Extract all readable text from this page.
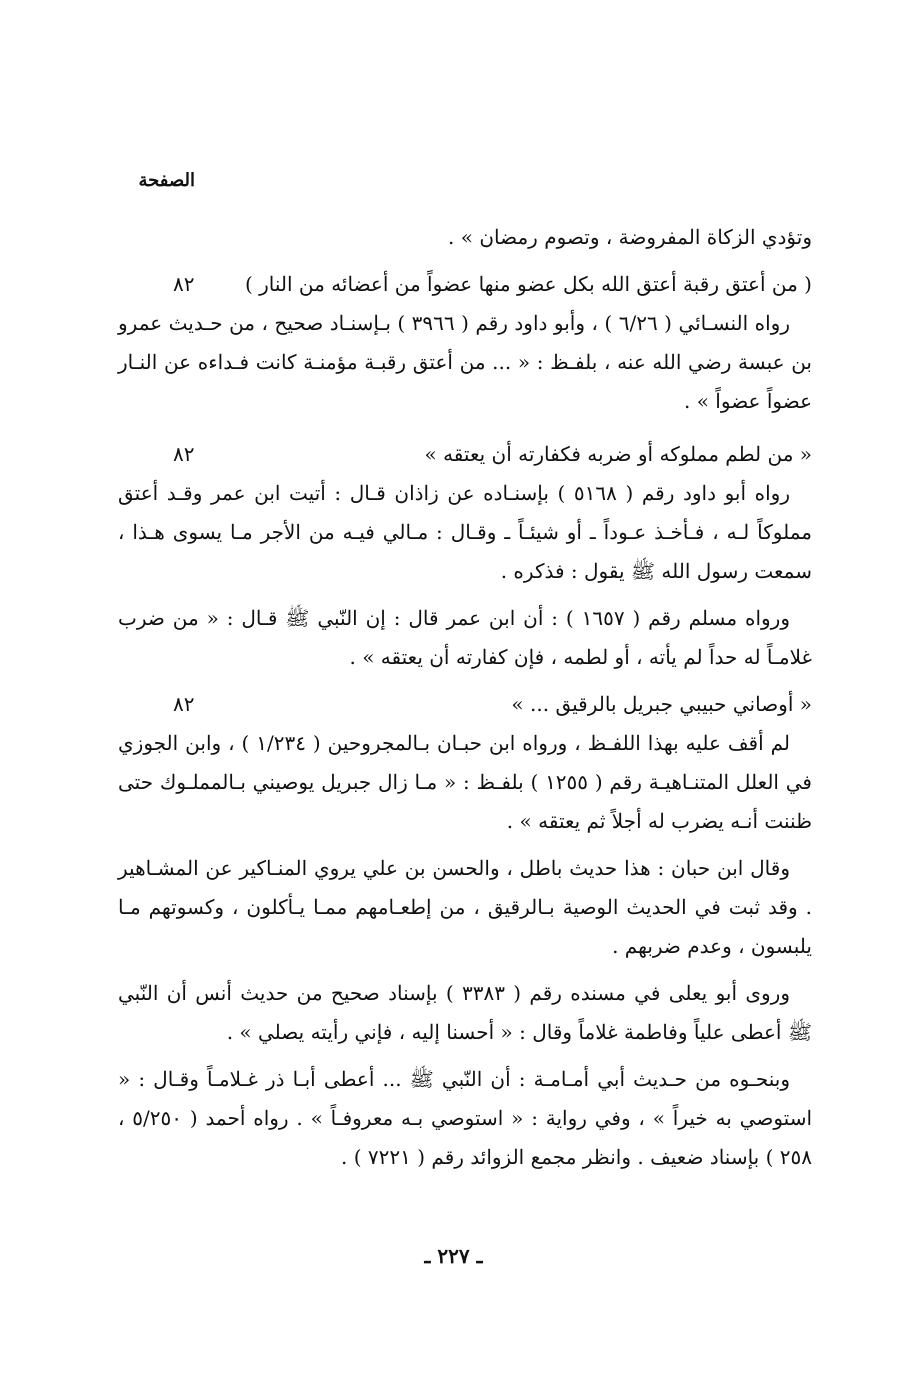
الصفحة
وتؤدي الزكاة المفروضة ، وتصوم رمضان » .
( من أعتق رقبة أعتق الله بكل عضو منها عضواً من أعضائه من النار )
٨٢
رواه النسـائي ( ٦/٢٦ ) ، وأبو داود رقم ( ٣٩٦٦ ) بـإسنـاد صحيح ، من حـديث عمرو بن عبسة رضي الله عنه ، بلفـظ : « ... من أعتق رقبـة مؤمنـة كانت فـداءه عن النـار عضواً عضواً » .
« من لطم مملوكه أو ضربه فكفارته أن يعتقه »
٨٢
رواه أبو داود رقم ( ٥١٦٨ ) بإسنـاده عن زاذان قـال : أتيت ابن عمر وقـد أعتق مملوكاً لـه ، فـأخـذ عـوداً ـ أو شيئـاً ـ وقـال : مـالي فيـه من الأجر مـا يسوى هـذا ، سمعت رسول الله ﷺ يقول : فذكره .
ورواه مسلم رقم ( ١٦٥٧ ) : أن ابن عمر قال : إن النّبي ﷺ قـال : « من ضرب غلامـاً له حداً لم يأته ، أو لطمه ، فإن كفارته أن يعتقه » .
« أوصاني حبيبي جبريل بالرقيق ... »
٨٢
لم أقف عليه بهذا اللفـظ ، ورواه ابن حبـان بـالمجروحين ( ١/٢٣٤ ) ، وابن الجوزي في العلل المتنـاهيـة رقم ( ١٢٥٥ ) بلفـظ : « مـا زال جبريل يوصيني بـالمملـوك حتى ظننت أنـه يضرب له أجلاً ثم يعتقه » .
وقال ابن حبان : هذا حديث باطل ، والحسن بن علي يروي المنـاكير عن المشـاهير . وقد ثبت في الحديث الوصية بـالرقيق ، من إطعـامهم ممـا يـأكلون ، وكسوتهم مـا يلبسون ، وعدم ضربهم .
وروى أبو يعلى في مسنده رقم ( ٣٣٨٣ ) بإسناد صحيح من حديث أنس أن النّبي ﷺ أعطى علياً وفاطمة غلاماً وقال : « أحسنا إليه ، فإني رأيته يصلي » .
وبنحـوه من حـديث أبي أمـامـة : أن النّبي ﷺ ... أعطى أبـا ذر غـلامـاً وقـال : « استوصي به خيراً » ، وفي رواية : « استوصي بـه معروفـاً » . رواه أحمد ( ٥/٢٥٠ ، ٢٥٨ ) بإسناد ضعيف . وانظر مجمع الزوائد رقم ( ٧٢٢١ ) .
ـ ٢٢٧ ـ
